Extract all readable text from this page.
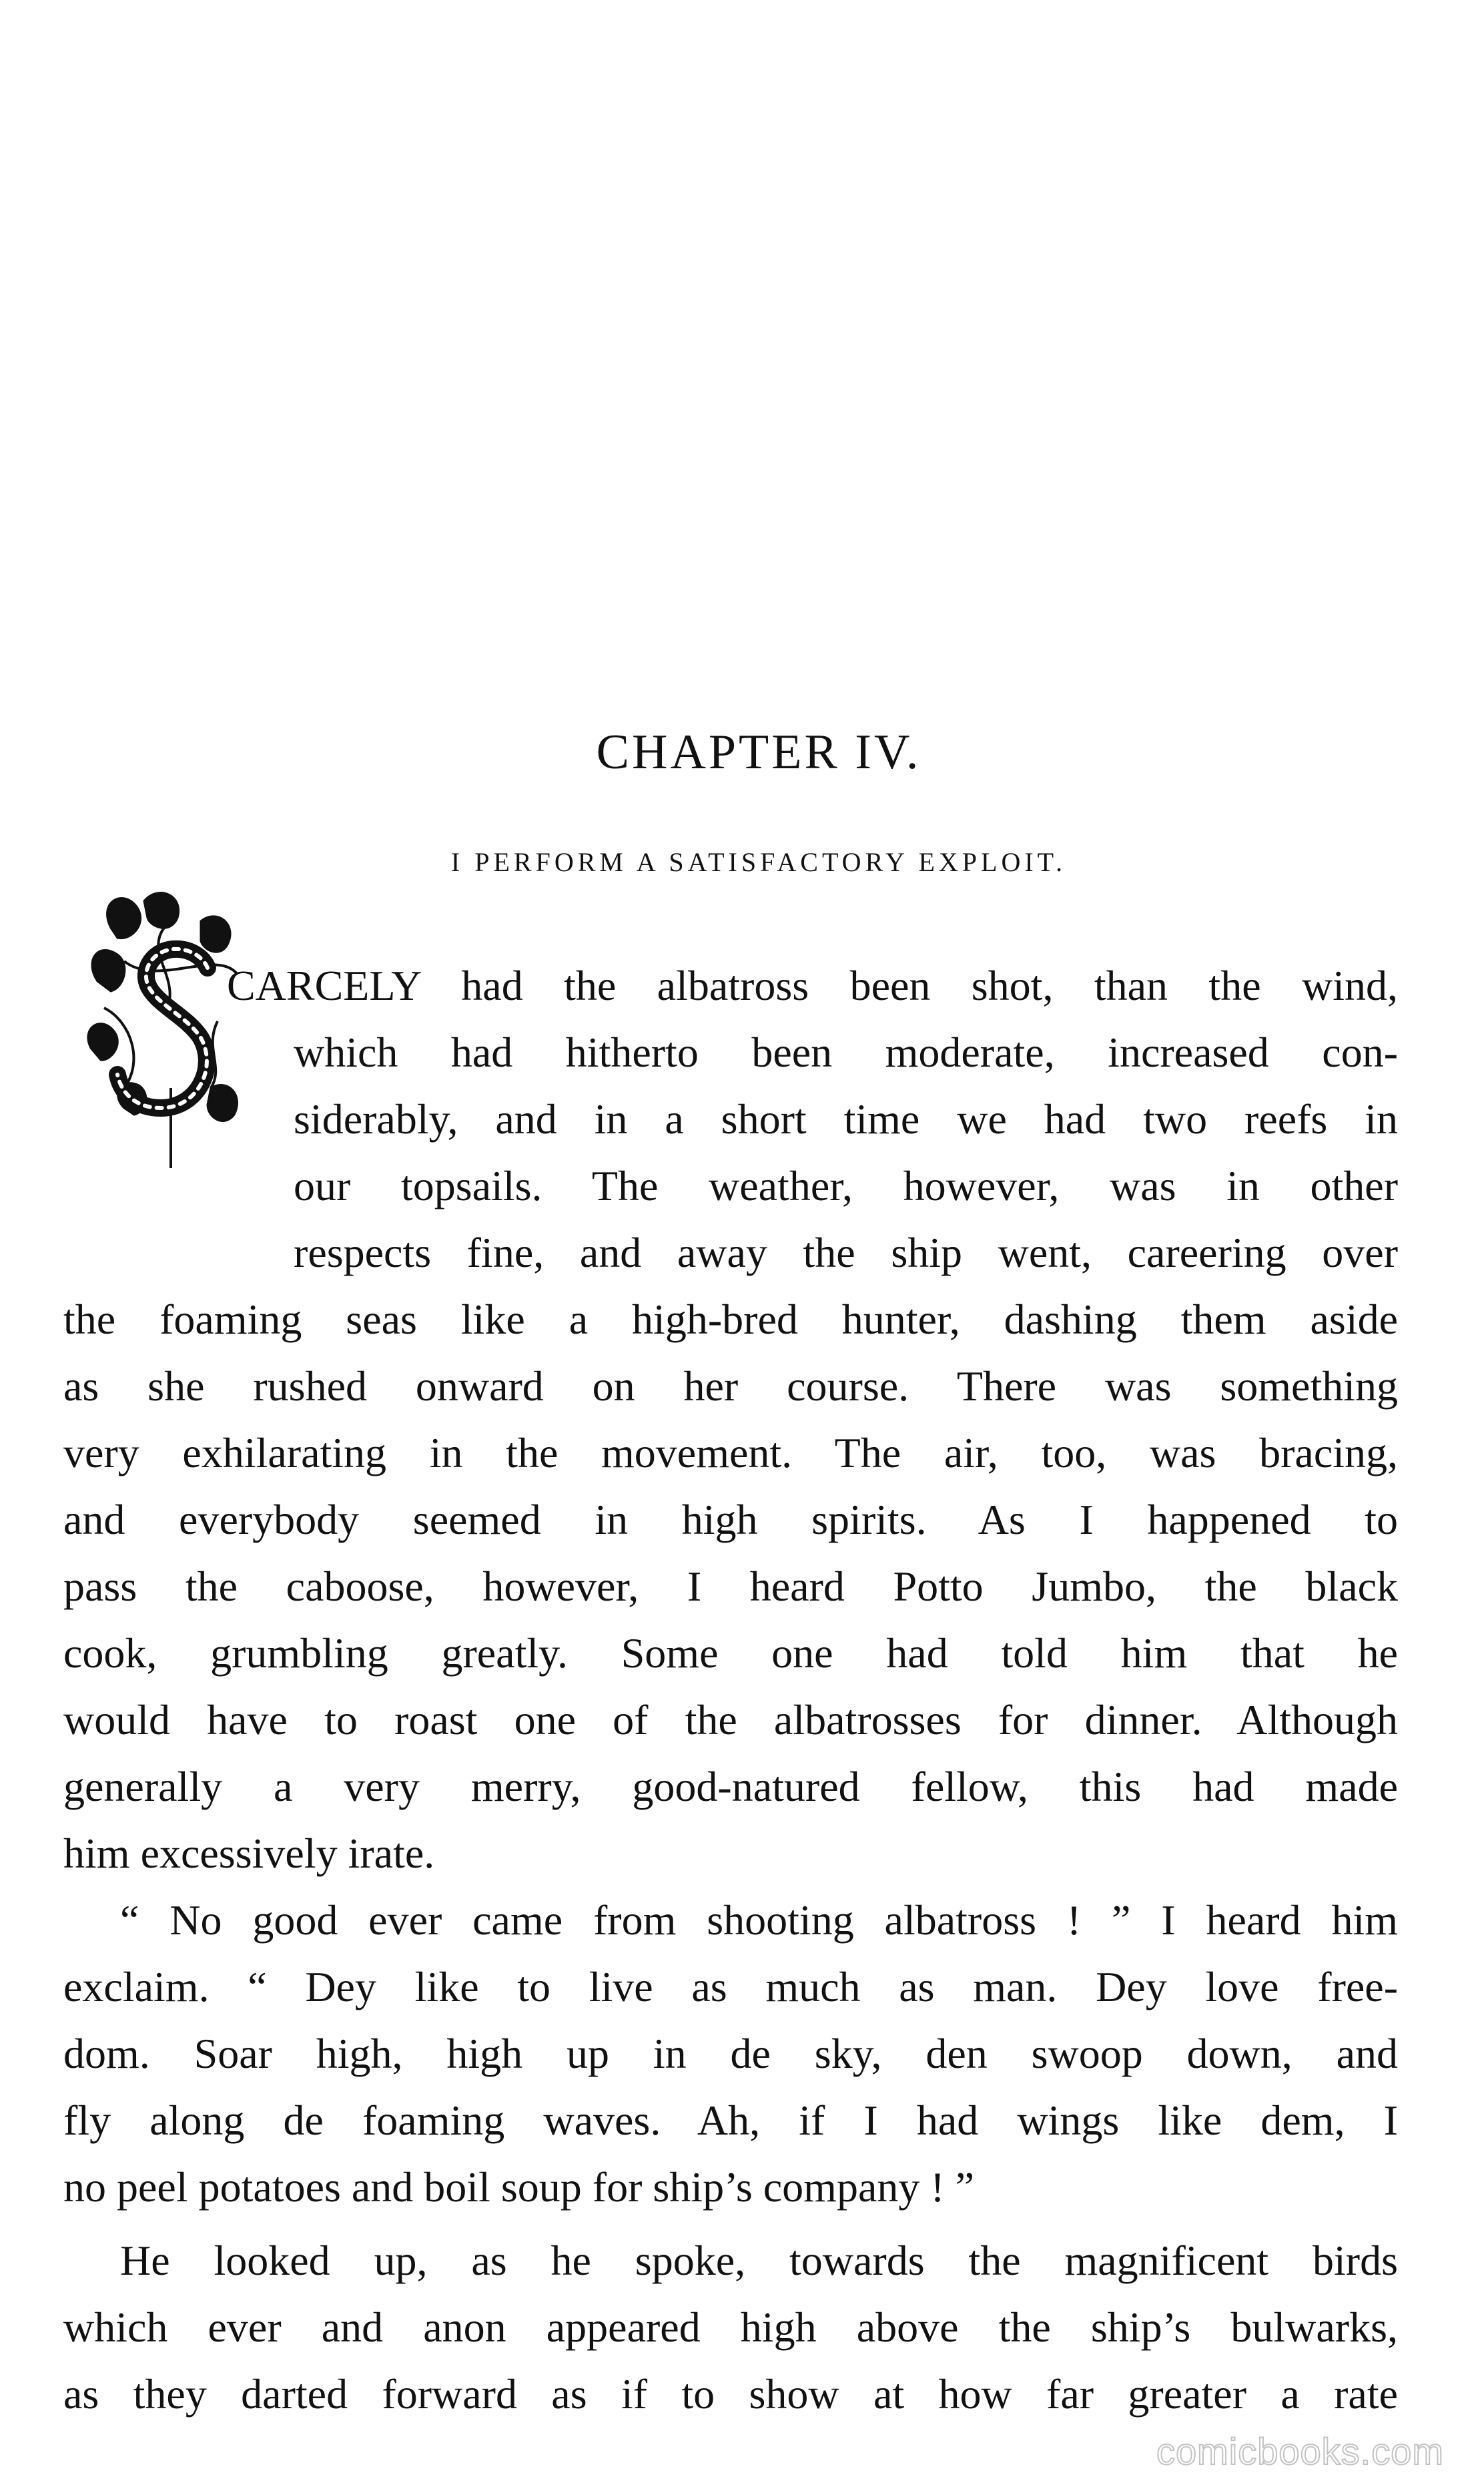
CHAPTER IV.
I PERFORM A SATISFACTORY EXPLOIT.
CARCELY had the albatross been shot, than the wind,
which had hitherto been moderate, increased con-
siderably, and in a short time we had two reefs in
our topsails. The weather, however, was in other
respects fine, and away the ship went, careering over
the foaming seas like a high-bred hunter, dashing them aside
as she rushed onward on her course. There was something
very exhilarating in the movement. The air, too, was bracing,
and everybody seemed in high spirits. As I happened to
pass the caboose, however, I heard Potto Jumbo, the black
cook, grumbling greatly. Some one had told him that he
would have to roast one of the albatrosses for dinner. Although
generally a very merry, good-natured fellow, this had made
him excessively irate.
“ No good ever came from shooting albatross ! ” I heard him
exclaim. “ Dey like to live as much as man. Dey love free-
dom. Soar high, high up in de sky, den swoop down, and
fly along de foaming waves. Ah, if I had wings like dem, I
no peel potatoes and boil soup for ship’s company ! ”
He looked up, as he spoke, towards the magnificent birds
which ever and anon appeared high above the ship’s bulwarks,
as they darted forward as if to show at how far greater a rate
comicbooks.com
